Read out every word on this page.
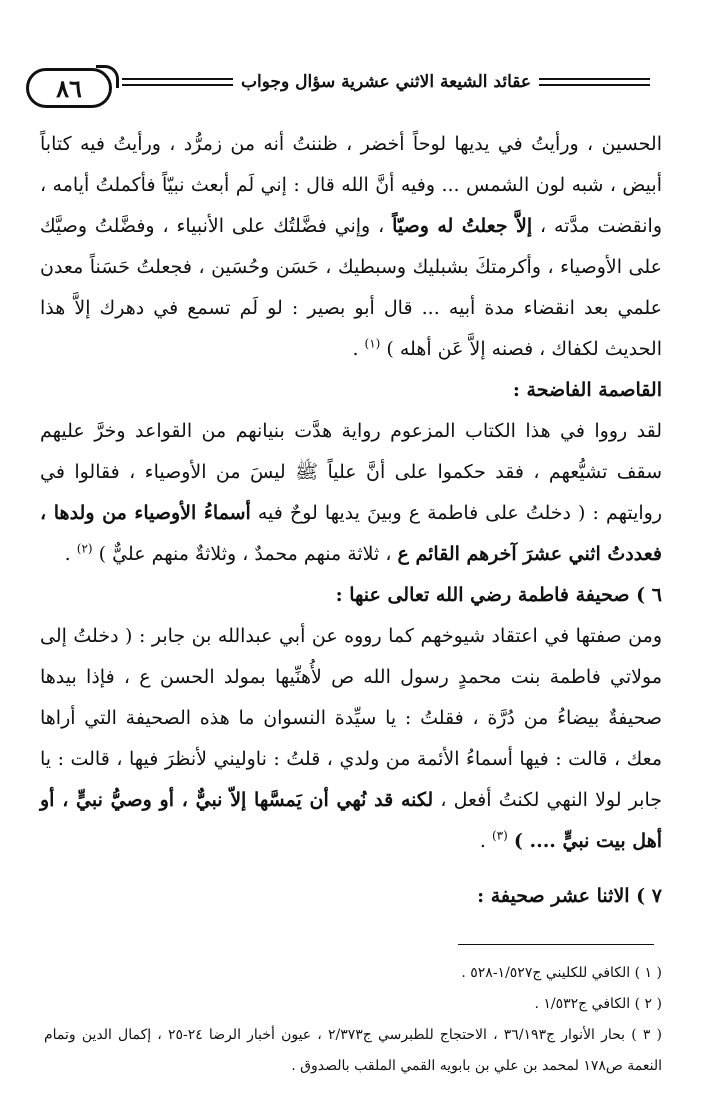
٨٦	عقائد الشيعة الاثني عشرية سؤال وجواب

الحسين ، ورأيتُ في يديها لوحاً أخضر ، ظننتُ أنه من زمرُّد ، ورأيتُ فيه كتاباً أبيض ، شبه لون الشمس ... وفيه أنَّ الله قال : إني لَم أبعث نبيّاً فأكملتُ أيامه ، وانقضت مدَّته ، إلاَّ جعلتُ له وصيّاً ، وإني فضَّلتُك على الأنبياء ، وفضَّلتُ وصيَّك على الأوصياء ، وأكرمتكَ بشبليك وسبطيك ، حَسَن وحُسَين ، فجعلتُ حَسَناً معدن علمي بعد انقضاء مدة أبيه ... قال أبو بصير : لو لَم تسمع في دهرك إلاَّ هذا الحديث لكفاك ، فصنه إلاَّ عَن أهله ) $^{(١)}$ .

القاصمة الفاضحة :

لقد رووا في هذا الكتاب المزعوم رواية هدَّت بنيانهم من القواعد وخرَّ عليهم سقف تشيُّعهم ، فقد حكموا على أنَّ علياً ﷺ ليسَ من الأوصياء ، فقالوا في روايتهم : ( دخلتُ على فاطمة ع وبينَ يديها لوحٌ فيه أسماءُ الأوصياء من ولدها ، فعددتُ اثني عشرَ آخرهم القائم ع ، ثلاثة منهم محمدٌ ، وثلاثةٌ منهم عليٌّ ) $^{(٢)}$ .

٦ ) صحيفة فاطمة رضي الله تعالى عنها :

ومن صفتها في اعتقاد شيوخهم كما رووه عن أبي عبدالله بن جابر : ( دخلتُ إلى مولاتي فاطمة بنت محمدٍ رسول الله ص لأُهنِّيها بمولد الحسن ع ، فإذا بيدها صحيفةٌ بيضاءُ من دُرَّة ، فقلتُ : يا سيِّدة النسوان ما هذه الصحيفة التي أراها معك ، قالت : فيها أسماءُ الأئمة من ولدي ، قلتُ : ناوليني لأنظرَ فيها ، قالت : يا جابر لولا النهي لكنتُ أفعل ، لكنه قد نُهي أن يَمسَّها إلاّ نبيٌّ ، أو وصيُّ نبيٍّ ، أو أهل بيت نبيٍّ .... ) $^{(٣)}$ .

٧ ) الاثنا عشر صحيفة :

( ١ ) الكافي للكليني ج١/٥٢٧-٥٢٨ .

( ٢ ) الكافي ج١/٥٣٢ .

( ٣ ) بحار الأنوار ج٣٦/١٩٣ ، الاحتجاج للطبرسي ج٢/٣٧٣ ، عيون أخبار الرضا ٢٤-٢٥ ، إكمال الدين وتمام النعمة ص١٧٨ لمحمد بن علي بن بابويه القمي الملقب بالصدوق .
